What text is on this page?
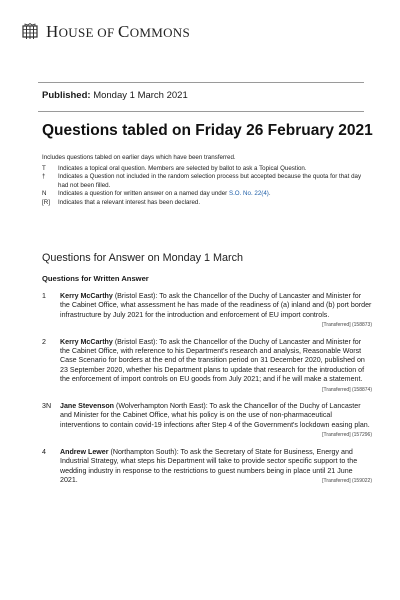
HOUSE OF COMMONS
Published: Monday 1 March 2021
Questions tabled on Friday 26 February 2021
Includes questions tabled on earlier days which have been transferred.
T	Indicates a topical oral question. Members are selected by ballot to ask a Topical Question.
†	Indicates a Question not included in the random selection process but accepted because the quota for that day had not been filled.
N	Indicates a question for written answer on a named day under S.O. No. 22(4).
[R]	Indicates that a relevant interest has been declared.
Questions for Answer on Monday 1 March
Questions for Written Answer
1	Kerry McCarthy (Bristol East): To ask the Chancellor of the Duchy of Lancaster and Minister for the Cabinet Office, what assessment he has made of the readiness of (a) inland and (b) port border infrastructure by July 2021 for the introduction and enforcement of EU import controls.
[Transferred] (158873)
2	Kerry McCarthy (Bristol East): To ask the Chancellor of the Duchy of Lancaster and Minister for the Cabinet Office, with reference to his Department's research and analysis, Reasonable Worst Case Scenario for borders at the end of the transition period on 31 December 2020, published on 23 September 2020, whether his Department plans to update that research for the introduction of the enforcement of import controls on EU goods from July 2021; and if he will make a statement.
[Transferred] (158874)
3N	Jane Stevenson (Wolverhampton North East): To ask the Chancellor of the Duchy of Lancaster and Minister for the Cabinet Office, what his policy is on the use of non-pharmaceutical interventions to contain covid-19 infections after Step 4 of the Government's lockdown easing plan.
[Transferred] (157296)
4	Andrew Lewer (Northampton South): To ask the Secretary of State for Business, Energy and Industrial Strategy, what steps his Department will take to provide sector specific support to the wedding industry in response to the restrictions to guest numbers being in place until 21 June 2021.	[Transferred] (159022)
